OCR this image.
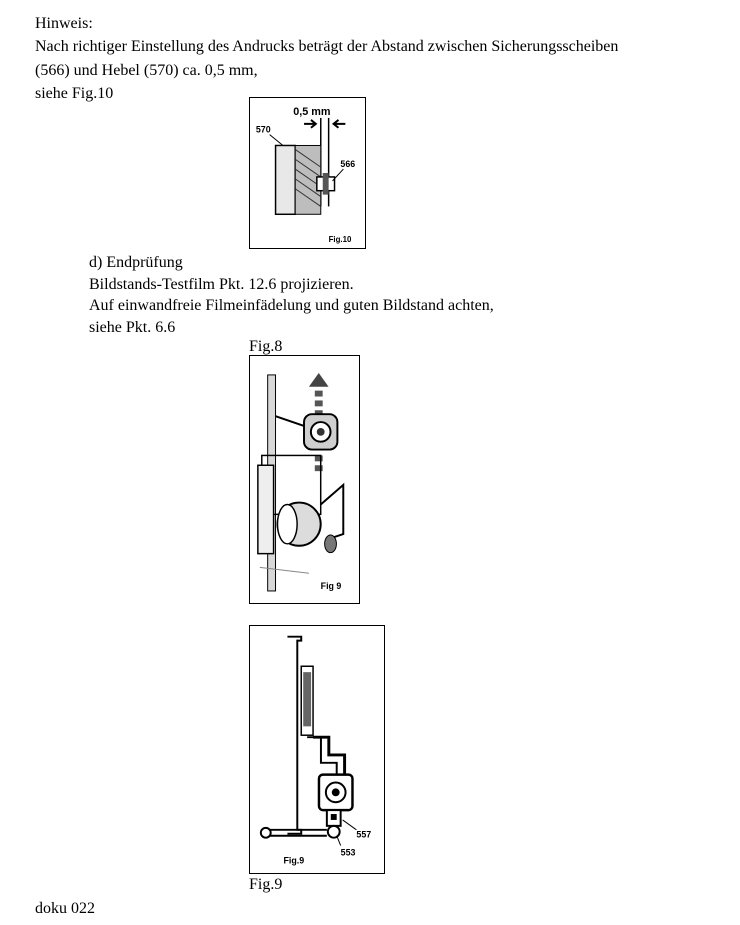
Hinweis:
Nach richtiger Einstellung des Andrucks beträgt der Abstand zwischen Sicherungsscheiben
(566) und Hebel (570) ca. 0,5 mm,
siehe Fig.10
0,5 mm
570
566
Fig.10
d) Endprüfung
Bildstands-Testfilm Pkt. 12.6 projizieren.
Auf einwandfreie Filmeinfädelung und guten Bildstand achten,
siehe Pkt. 6.6
Fig.8
Fig 9
557
553
Fig.9
Fig.9
doku 022
